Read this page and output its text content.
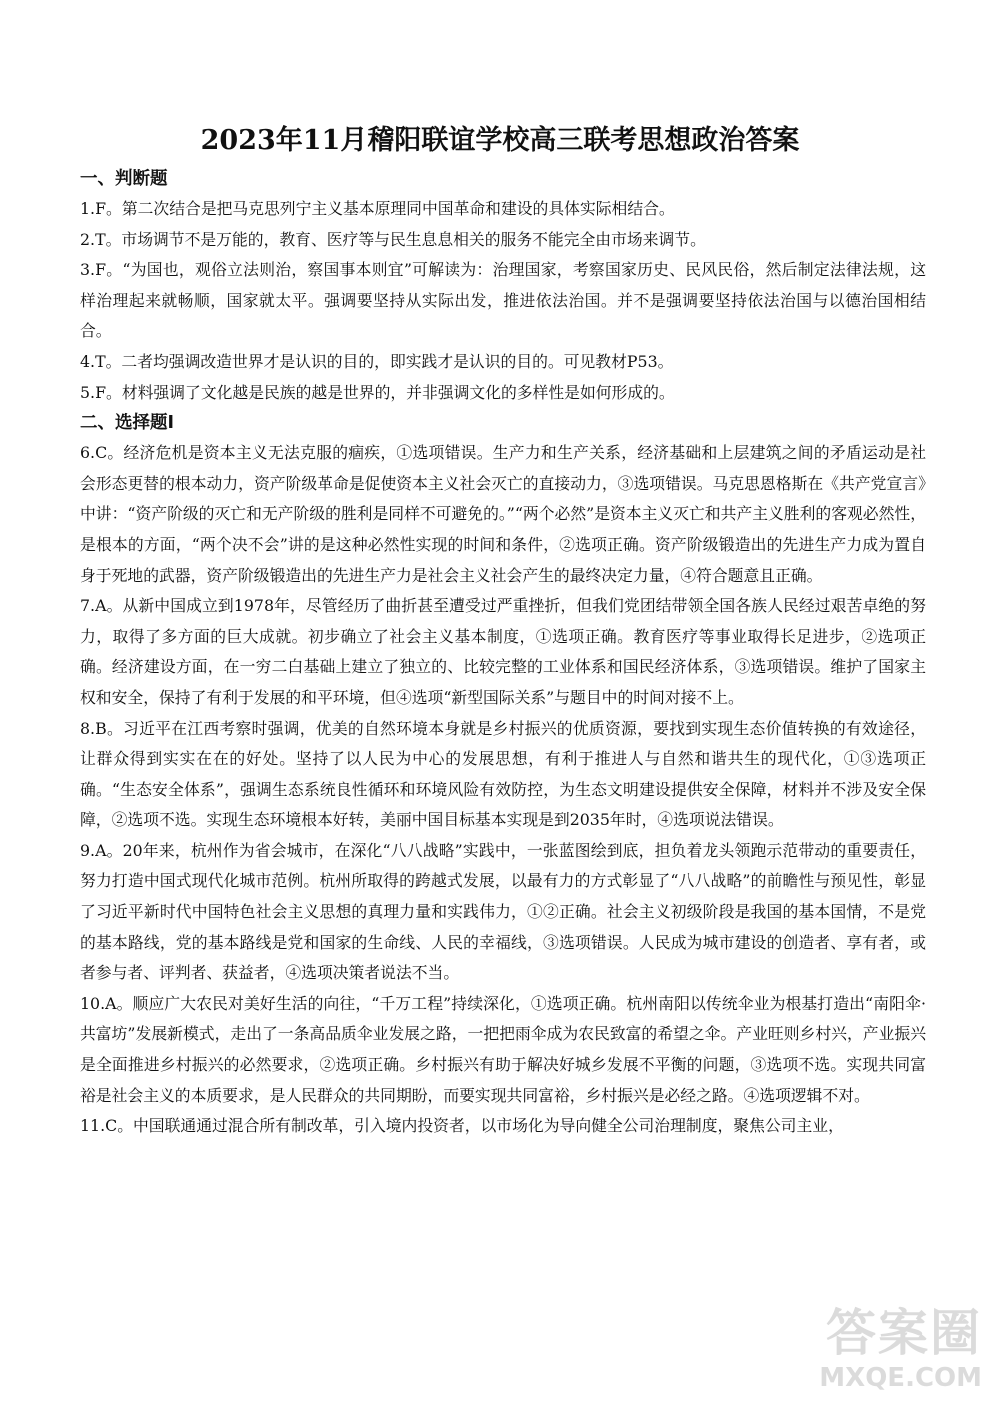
2023年11月稽阳联谊学校高三联考思想政治答案
一、判断题

1.F。第二次结合是把马克思列宁主义基本原理同中国革命和建设的具体实际相结合。

2.T。市场调节不是万能的，教育、医疗等与民生息息相关的服务不能完全由市场来调节。

3.F。“为国也，观俗立法则治，察国事本则宜”可解读为：治理国家，考察国家历史、民风民俗，然后制定法律法规，这样治理起来就畅顺，国家就太平。强调要坚持从实际出发，推进依法治国。并不是强调要坚持依法治国与以德治国相结合。

4.T。二者均强调改造世界才是认识的目的，即实践才是认识的目的。可见教材P53。

5.F。材料强调了文化越是民族的越是世界的，并非强调文化的多样性是如何形成的。

二、选择题Ⅰ

6.C。经济危机是资本主义无法克服的痼疾，①选项错误。生产力和生产关系，经济基础和上层建筑之间的矛盾运动是社会形态更替的根本动力，资产阶级革命是促使资本主义社会灭亡的直接动力，③选项错误。马克思恩格斯在《共产党宣言》中讲：“资产阶级的灭亡和无产阶级的胜利是同样不可避免的。”“两个必然”是资本主义灭亡和共产主义胜利的客观必然性，是根本的方面，“两个决不会”讲的是这种必然性实现的时间和条件，②选项正确。资产阶级锻造出的先进生产力成为置自身于死地的武器，资产阶级锻造出的先进生产力是社会主义社会产生的最终决定力量，④符合题意且正确。

7.A。从新中国成立到1978年，尽管经历了曲折甚至遭受过严重挫折，但我们党团结带领全国各族人民经过艰苦卓绝的努力，取得了多方面的巨大成就。初步确立了社会主义基本制度，①选项正确。教育医疗等事业取得长足进步，②选项正确。经济建设方面，在一穷二白基础上建立了独立的、比较完整的工业体系和国民经济体系，③选项错误。维护了国家主权和安全，保持了有利于发展的和平环境，但④选项“新型国际关系”与题目中的时间对接不上。

8.B。习近平在江西考察时强调，优美的自然环境本身就是乡村振兴的优质资源，要找到实现生态价值转换的有效途径，让群众得到实实在在的好处。坚持了以人民为中心的发展思想，有利于推进人与自然和谐共生的现代化，①③选项正确。“生态安全体系”，强调生态系统良性循环和环境风险有效防控，为生态文明建设提供安全保障，材料并不涉及安全保障，②选项不选。实现生态环境根本好转，美丽中国目标基本实现是到2035年时，④选项说法错误。

9.A。20年来，杭州作为省会城市，在深化“八八战略”实践中，一张蓝图绘到底，担负着龙头领跑示范带动的重要责任，努力打造中国式现代化城市范例。杭州所取得的跨越式发展，以最有力的方式彰显了“八八战略”的前瞻性与预见性，彰显了习近平新时代中国特色社会主义思想的真理力量和实践伟力，①②正确。社会主义初级阶段是我国的基本国情，不是党的基本路线，党的基本路线是党和国家的生命线、人民的幸福线，③选项错误。人民成为城市建设的创造者、享有者，或者参与者、评判者、获益者，④选项决策者说法不当。

10.A。顺应广大农民对美好生活的向往，“千万工程”持续深化，①选项正确。杭州南阳以传统伞业为根基打造出“南阳伞·共富坊”发展新模式，走出了一条高品质伞业发展之路，一把把雨伞成为农民致富的希望之伞。产业旺则乡村兴，产业振兴是全面推进乡村振兴的必然要求，②选项正确。乡村振兴有助于解决好城乡发展不平衡的问题，③选项不选。实现共同富裕是社会主义的本质要求，是人民群众的共同期盼，而要实现共同富裕，乡村振兴是必经之路。④选项逻辑不对。

11.C。中国联通通过混合所有制改革，引入境内投资者，以市场化为导向健全公司治理制度，聚焦公司主业，

答案圈
MXQE.COM
